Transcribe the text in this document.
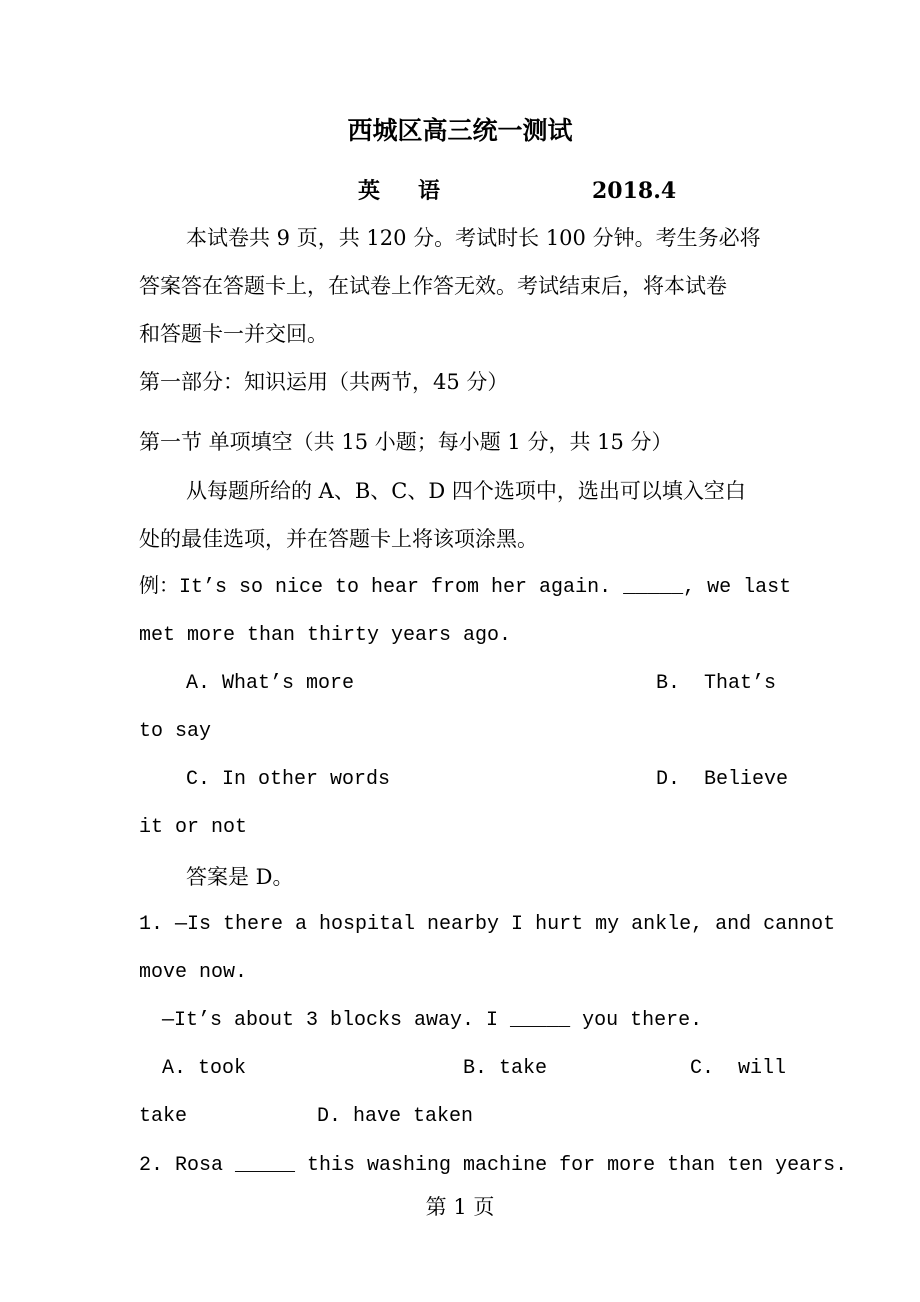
西城区高三统一测试
英语	2018.4
本试卷共 9 页，共 120 分。考试时长 100 分钟。考生务必将
答案答在答题卡上，在试卷上作答无效。考试结束后，将本试卷
和答题卡一并交回。
第一部分：知识运用（共两节，45 分）
第一节 单项填空（共 15 小题；每小题 1 分，共 15 分）
从每题所给的 A、B、C、D 四个选项中，选出可以填入空白
处的最佳选项，并在答题卡上将该项涂黑。
例：It’s so nice to hear from her again. _____, we last
met more than thirty years ago.
A. What’s more	B.  That’s
to say
C. In other words	D.  Believe
it or not
答案是 D。
1. —Is there a hospital nearby I hurt my ankle, and cannot
move now.
—It’s about 3 blocks away. I _____ you there.
A. took	B. take	C.  will
take	D. have taken
2. Rosa _____ this washing machine for more than ten years.
第 1 页
